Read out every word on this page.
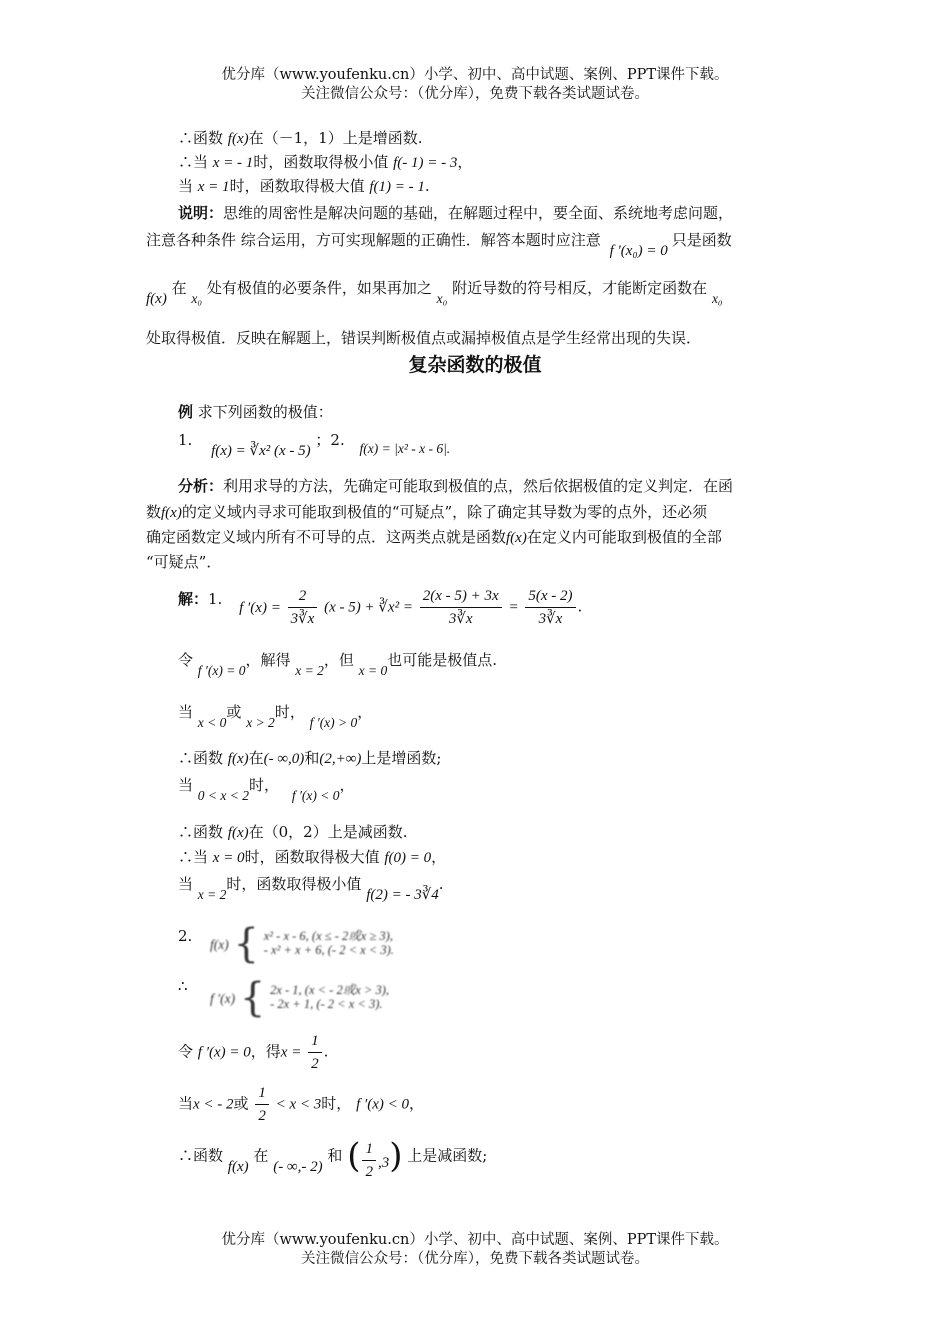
优分库（www.youfenku.cn）小学、初中、高中试题、案例、PPT课件下载。
关注微信公众号：（优分库），免费下载各类试题试卷。
∴函数 f(x)在（－1，1）上是增函数.
∴当 x = - 1时，函数取得极小值 f(- 1) = - 3，
当 x = 1时，函数取得极大值 f(1) = - 1.
说明：思维的周密性是解决问题的基础，在解题过程中，要全面、系统地考虑问题，
注意各种条件 综合运用，方可实现解题的正确性．解答本题时应注意 f ′(x₀) = 0只是函数
f(x) 在 x₀ 处有极值的必要条件，如果再加之 x₀ 附近导数的符号相反，才能断定函数在 x₀
处取得极值．反映在解题上，错误判断极值点或漏掉极值点是学生经常出现的失误．
复杂函数的极值
例 求下列函数的极值：
1. f(x) = ∛x² (x - 5) ；2. f(x) = |x² - x - 6|.
分析：利用求导的方法，先确定可能取到极值的点，然后依据极值的定义判定．在函
数f(x)的定义域内寻求可能取到极值的“可疑点”，除了确定其导数为零的点外，还必须
确定函数定义域内所有不可导的点．这两类点就是函数f(x)在定义内可能取到极值的全部
“可疑点”．
解：1. f $'(x) = \frac{2}{3∛x} (x - 5)$ + ∛x² = $\frac{2(x - 5) + 3x}{3∛x} = \frac{5(x - 2)}{3∛x}$ .
令 f ′(x) = 0，解得 x = 2，但 x = 0也可能是极值点.
当 x < 0或 x > 2时， f ′(x) > 0，
∴函数 f(x)在(- ∞,0)和(2,+∞)上是增函数;
当 0 < x < 2时， f ′(x) < 0，
∴函数 f(x)在（0，2）上是减函数.
∴当 x = 0时，函数取得极大值 f(0) = 0，
当 x = 2时，函数取得极小值 f(2) = - 3∛4.
2. f(x) { x² - x - 6, (x ≤ - 2或x ≥ 3),
- x² + x + 6, (- 2 < x < 3).
∴
f ′(x) { 2x - 1, (x < - 2或x > 3),
- 2x + 1, (- 2 < x < 3).
令 f ′(x) = 0，得$x = \frac{1}{2}$ .
当x < - 2或 $\frac{1}{2} < x < 3$时， f ′(x) < 0，
∴函数 f(x) 在 (- ∞,- 2) 和 ( $\frac{1}{2} ,3$) 上是减函数;
优分库（www.youfenku.cn）小学、初中、高中试题、案例、PPT课件下载。
关注微信公众号：（优分库），免费下载各类试题试卷。
